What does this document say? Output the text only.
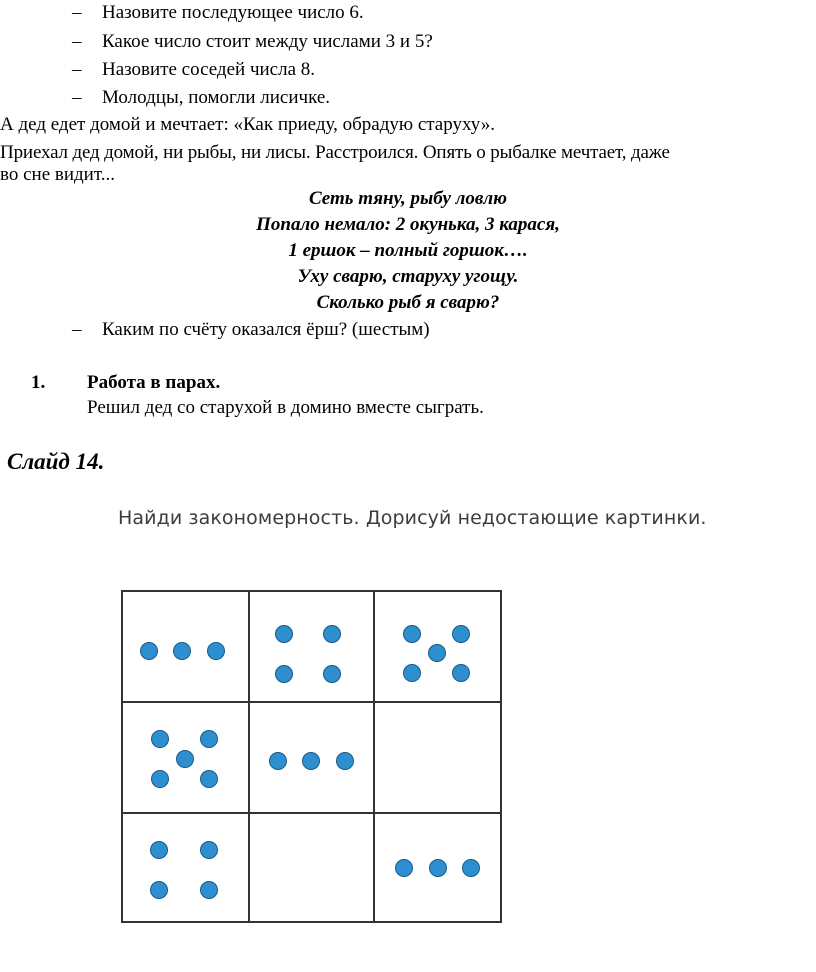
– Назовите последующее число 6.
– Какое число стоит между числами 3 и 5?
– Назовите соседей числа 8.
– Молодцы, помогли лисичке.
А дед едет домой и мечтает: «Как приеду, обрадую старуху».
Приехал дед домой, ни рыбы, ни лисы. Расстроился. Опять о рыбалке мечтает, даже
во сне видит...
Сеть тяну, рыбу ловлю
Попало немало: 2 окунька, 3 карася,
1 ершок – полный горшок….
Уху сварю, старуху угощу.
Сколько рыб я сварю?
– Каким по счёту оказался ёрш? (шестым)
1. Работа в парах.
Решил дед со старухой в домино вместе сыграть.
Слайд 14.
Найди закономерность. Дорисуй недостающие картинки.
